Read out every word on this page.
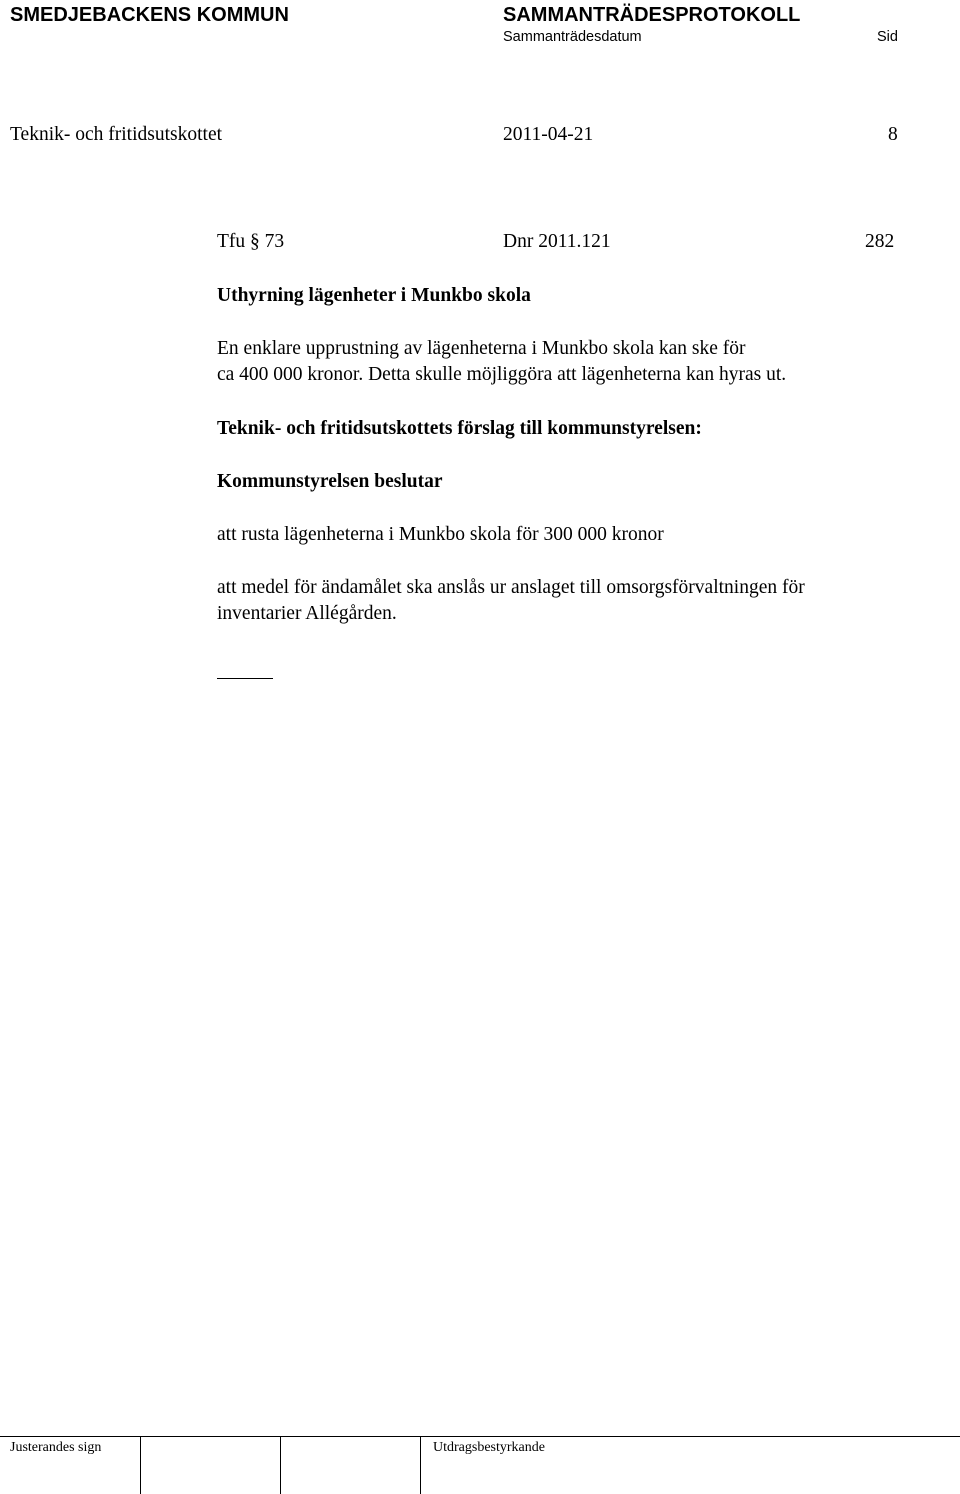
SMEDJEBACKENS KOMMUN	SAMMANTRÄDESPROTOKOLL
Sammanträdesdatum	Sid
Teknik- och fritidsutskottet	2011-04-21	8
Tfu § 73	Dnr 2011.121	282
Uthyrning lägenheter i Munkbo skola
En enklare upprustning av lägenheterna i Munkbo skola kan ske för
ca 400 000 kronor. Detta skulle möjliggöra att lägenheterna kan hyras ut.
Teknik- och fritidsutskottets förslag till kommunstyrelsen:
Kommunstyrelsen beslutar
att rusta lägenheterna i Munkbo skola för 300 000 kronor
att medel för ändamålet ska anslås ur anslaget till omsorgsförvaltningen för
inventarier Allégården.
Justerandes sign	Utdragsbestyrkande
